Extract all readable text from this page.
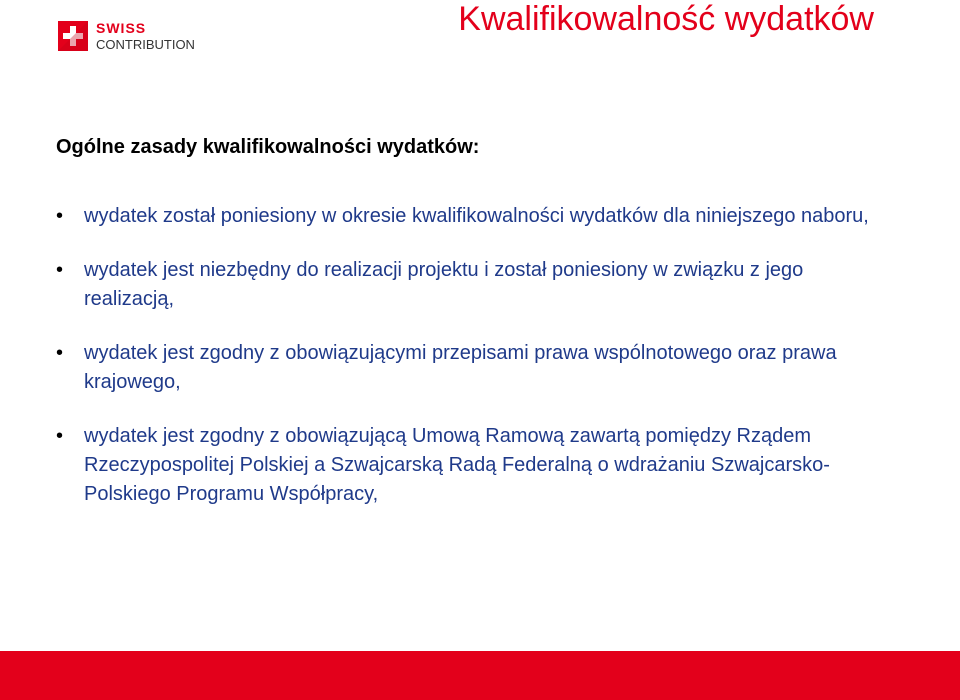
SWISS
CONTRIBUTION
Kwalifikowalność wydatków
Ogólne zasady kwalifikowalności wydatków:
• wydatek został poniesiony w okresie kwalifikowalności wydatków dla niniejszego naboru,
• wydatek jest niezbędny do realizacji projektu i został poniesiony w związku z jego realizacją,
• wydatek jest zgodny z obowiązującymi przepisami prawa wspólnotowego oraz prawa krajowego,
• wydatek jest zgodny z obowiązującą Umową Ramową zawartą pomiędzy Rządem Rzeczypospolitej Polskiej a Szwajcarską Radą Federalną o wdrażaniu Szwajcarsko-Polskiego Programu Współpracy,
